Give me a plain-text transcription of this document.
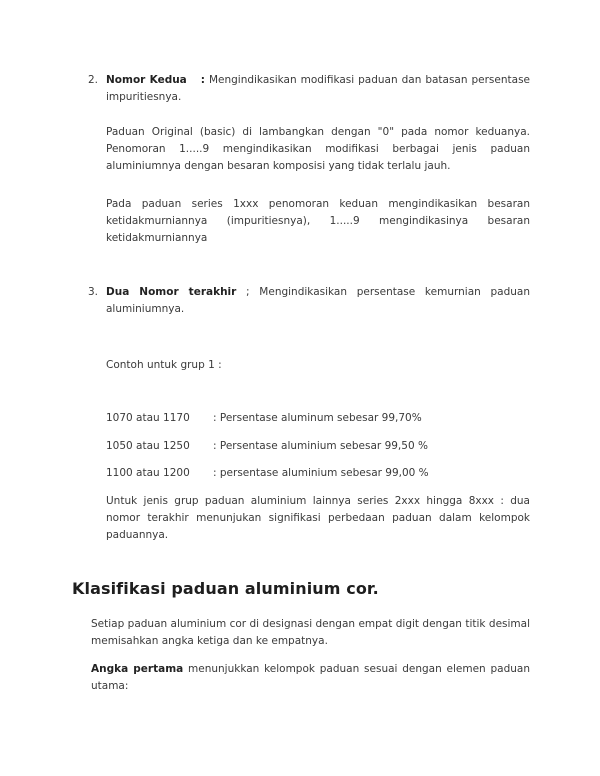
2. Nomor Kedua : Mengindikasikan modifikasi paduan dan batasan persentase impuritiesnya.
Paduan Original (basic) di lambangkan dengan "0" pada nomor keduanya. Penomoran 1.....9 mengindikasikan modifikasi berbagai jenis paduan aluminiumnya dengan besaran komposisi yang tidak terlalu jauh.
Pada paduan series 1xxx penomoran keduan mengindikasikan besaran ketidakmurniannya (impuritiesnya), 1.....9 mengindikasinya besaran ketidakmurniannya
3. Dua Nomor terakhir ; Mengindikasikan persentase kemurnian paduan aluminiumnya.
Contoh untuk grup 1 :
1070 atau 1170 : Persentase aluminum sebesar 99,70%
1050 atau 1250 : Persentase aluminium sebesar 99,50 %
1100 atau 1200 : persentase aluminium sebesar 99,00 %
Untuk jenis grup paduan aluminium lainnya series 2xxx hingga 8xxx : dua nomor terakhir menunjukan signifikasi perbedaan paduan dalam kelompok paduannya.
Klasifikasi paduan aluminium cor.
Setiap paduan aluminium cor di designasi dengan empat digit dengan titik desimal memisahkan angka ketiga dan ke empatnya.
Angka pertama menunjukkan kelompok paduan sesuai dengan elemen paduan utama:
